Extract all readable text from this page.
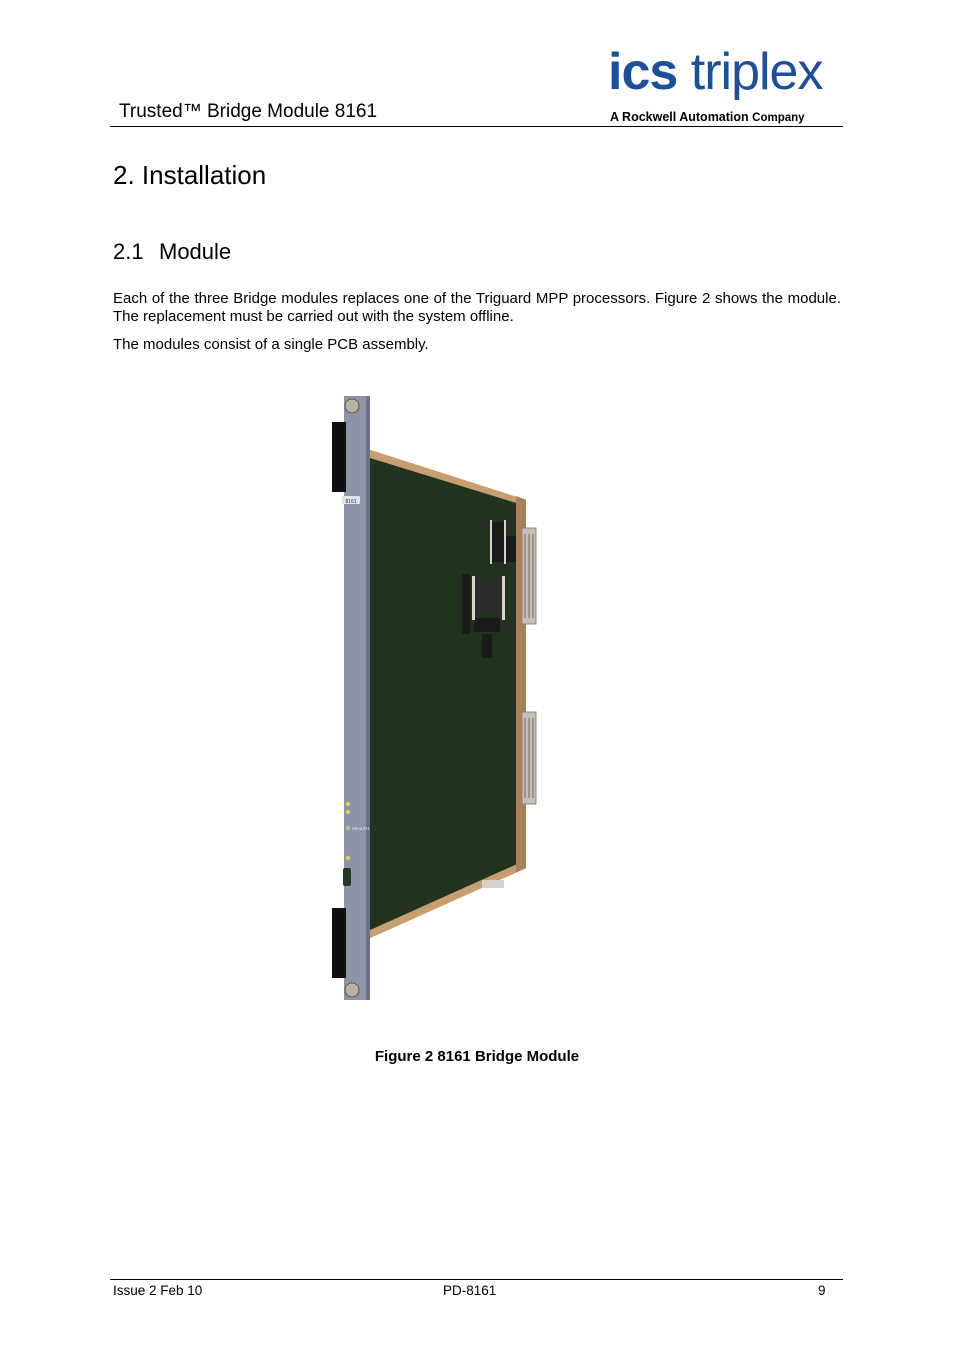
Trusted™ Bridge Module 8161
ics triplex
A Rockwell Automation Company
2. Installation
2.1 Module
Each of the three Bridge modules replaces one of the Triguard MPP processors. Figure 2 shows the module. The replacement must be carried out with the system offline.
The modules consist of a single PCB assembly.
8161
HEALTH
Figure 2 8161 Bridge Module
Issue 2 Feb 10	PD-8161	9
